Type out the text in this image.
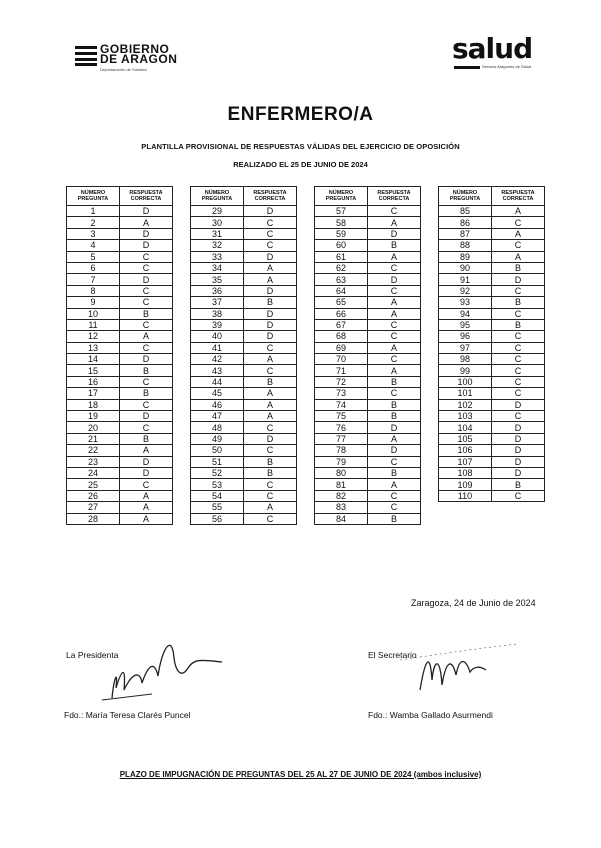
GOBIERNO
DE ARAGON
Departamento de Sanidad
salud
Servicio Aragonés de Salud
ENFERMERO/A
PLANTILLA PROVISIONAL DE RESPUESTAS VÁLIDAS DEL EJERCICIO DE OPOSICIÓN
REALIZADO EL 25 DE JUNIO DE 2024
NÚMERO PREGUNTA	RESPUESTA CORRECTA
1	D
2	A
3	D
4	D
5	C
6	C
7	D
8	C
9	C
10	B
11	C
12	A
13	C
14	D
15	B
16	C
17	B
18	C
19	D
20	C
21	B
22	A
23	D
24	D
25	C
26	A
27	A
28	A
NÚMERO PREGUNTA	RESPUESTA CORRECTA
29	D
30	C
31	C
32	C
33	D
34	A
35	A
36	D
37	B
38	D
39	D
40	D
41	C
42	A
43	C
44	B
45	A
46	A
47	A
48	C
49	D
50	C
51	B
52	B
53	C
54	C
55	A
56	C
NÚMERO PREGUNTA	RESPUESTA CORRECTA
57	C
58	A
59	D
60	B
61	A
62	C
63	D
64	C
65	A
66	A
67	C
68	C
69	A
70	C
71	A
72	B
73	C
74	B
75	B
76	D
77	A
78	D
79	C
80	B
81	A
82	C
83	C
84	B
NÚMERO PREGUNTA	RESPUESTA CORRECTA
85	A
86	C
87	A
88	C
89	A
90	B
91	D
92	C
93	B
94	C
95	B
96	C
97	C
98	C
99	C
100	C
101	C
102	D
103	C
104	D
105	D
106	D
107	D
108	D
109	B
110	C
Zaragoza, 24 de Junio de 2024
La Presidenta
Fdo.: María Teresa Clarés Puncel
El Secretario
Fdo.: Wamba Gallado Asurmendi
PLAZO DE IMPUGNACIÓN DE PREGUNTAS DEL 25 AL 27 DE JUNIO DE 2024 (ambos inclusive)
